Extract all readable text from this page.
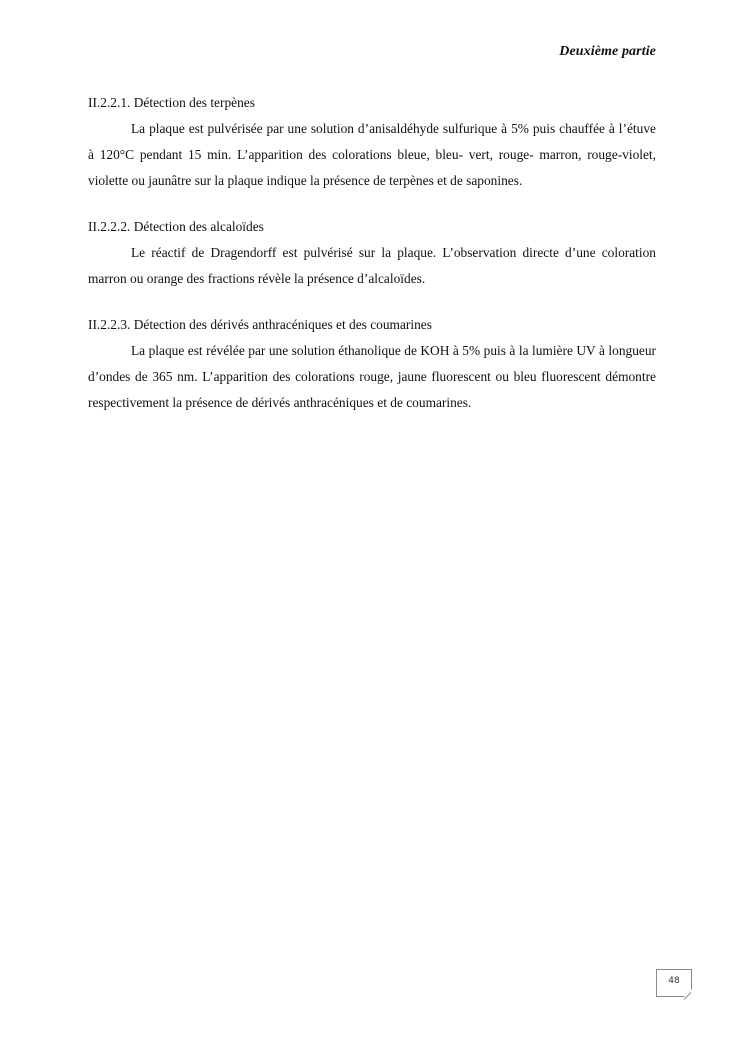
Deuxième partie
II.2.2.1. Détection des terpènes

La plaque est pulvérisée par une solution d’anisaldéhyde sulfurique à 5% puis chauffée à l’étuve à 120°C pendant 15 min. L’apparition des colorations bleue, bleu- vert, rouge- marron, rouge-violet, violette ou jaunâtre sur la plaque indique la présence de terpènes et de saponines.

II.2.2.2. Détection des alcaloïdes

Le réactif de Dragendorff est pulvérisé sur la plaque. L’observation directe d’une coloration marron ou orange des fractions révèle la présence d’alcaloïdes.

II.2.2.3. Détection des dérivés anthracéniques et des coumarines

La plaque est révélée par une solution éthanolique de KOH à 5% puis à la lumière UV à longueur d’ondes de 365 nm. L’apparition des colorations rouge, jaune fluorescent ou bleu fluorescent démontre respectivement la présence de dérivés anthracéniques et de coumarines.

48
